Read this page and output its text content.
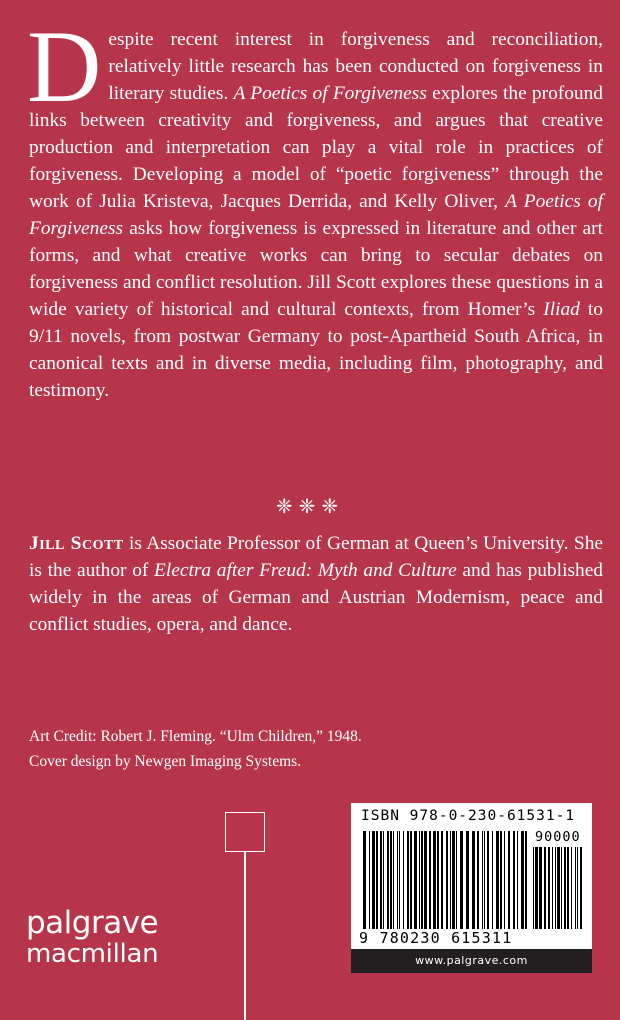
Despite recent interest in forgiveness and reconciliation, relatively little research has been conducted on forgiveness in literary studies. A Poetics of Forgiveness explores the profound links between creativity and forgiveness, and argues that creative production and interpretation can play a vital role in practices of forgiveness. Developing a model of “poetic forgiveness” through the work of Julia Kristeva, Jacques Derrida, and Kelly Oliver, A Poetics of Forgiveness asks how forgiveness is expressed in literature and other art forms, and what creative works can bring to secular debates on forgiveness and conflict resolution. Jill Scott explores these questions in a wide variety of historical and cultural contexts, from Homer’s Iliad to 9/11 novels, from postwar Germany to post-Apartheid South Africa, in canonical texts and in diverse media, including film, photography, and testimony.
❈❈❈
Jill Scott is Associate Professor of German at Queen’s University. She is the author of Electra after Freud: Myth and Culture and has published widely in the areas of German and Austrian Modernism, peace and conflict studies, opera, and dance.
Art Credit: Robert J. Fleming. “Ulm Children,” 1948.
Cover design by Newgen Imaging Systems.
palgrave
macmillan
ISBN 978-0-230-61531-1
90000
9 780230 615311
www.palgrave.com
